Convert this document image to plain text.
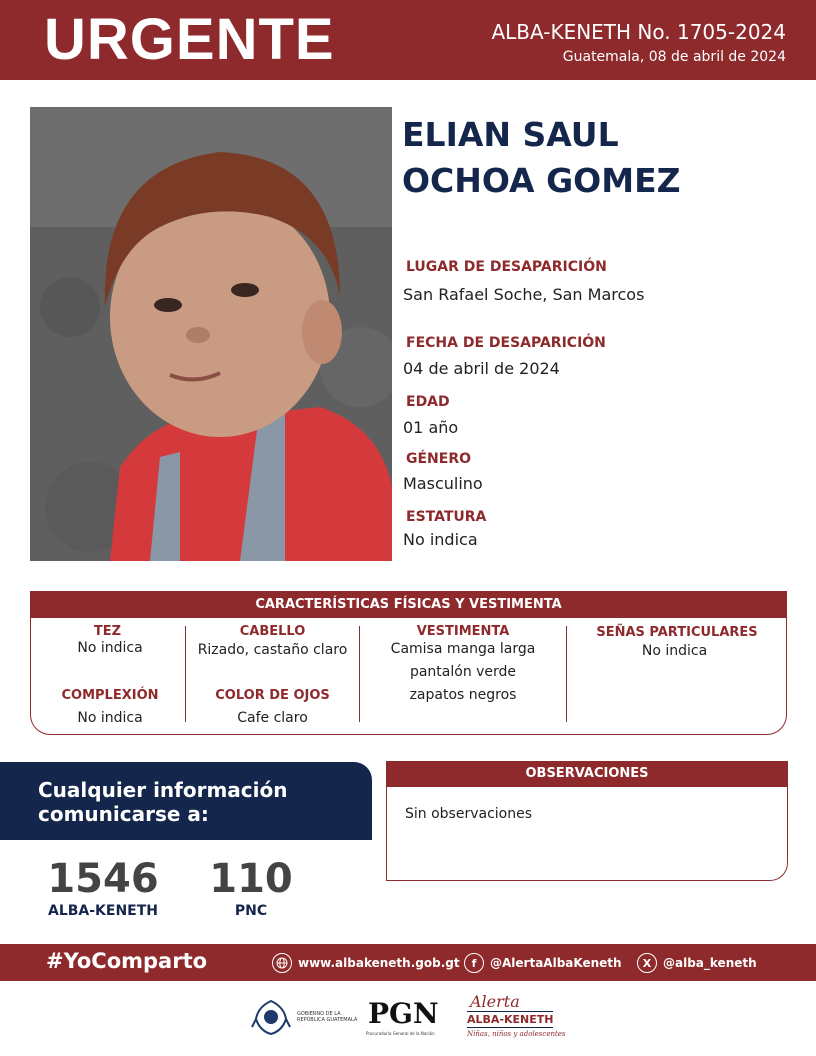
URGENTE	ALBA-KENETH No. 1705-2024
Guatemala, 08 de abril de 2024
ELIAN SAUL
OCHOA GOMEZ
LUGAR DE DESAPARICIÓN
San Rafael Soche, San Marcos
FECHA DE DESAPARICIÓN
04 de abril de 2024
EDAD
01 año
GÉNERO
Masculino
ESTATURA
No indica
CARACTERÍSTICAS FÍSICAS Y VESTIMENTA
TEZ
No indica
COMPLEXIÓN
No indica
CABELLO
Rizado, castaño claro
COLOR DE OJOS
Cafe claro
VESTIMENTA
Camisa manga larga
pantalón verde
zapatos negros
SEÑAS PARTICULARES
No indica
Cualquier información
comunicarse a:
1546
ALBA-KENETH
110
PNC
OBSERVACIONES
Sin observaciones
#YoComparto	www.albakeneth.gob.gt	f	@AlertaAlbaKeneth	X @alba_keneth
GOBIERNO DE LA REPÚBLICA GUATEMALA PGN
Procuraduría General de la Nación
Alerta
ALBA-KENETH
Niñas, niños y adolescentes
